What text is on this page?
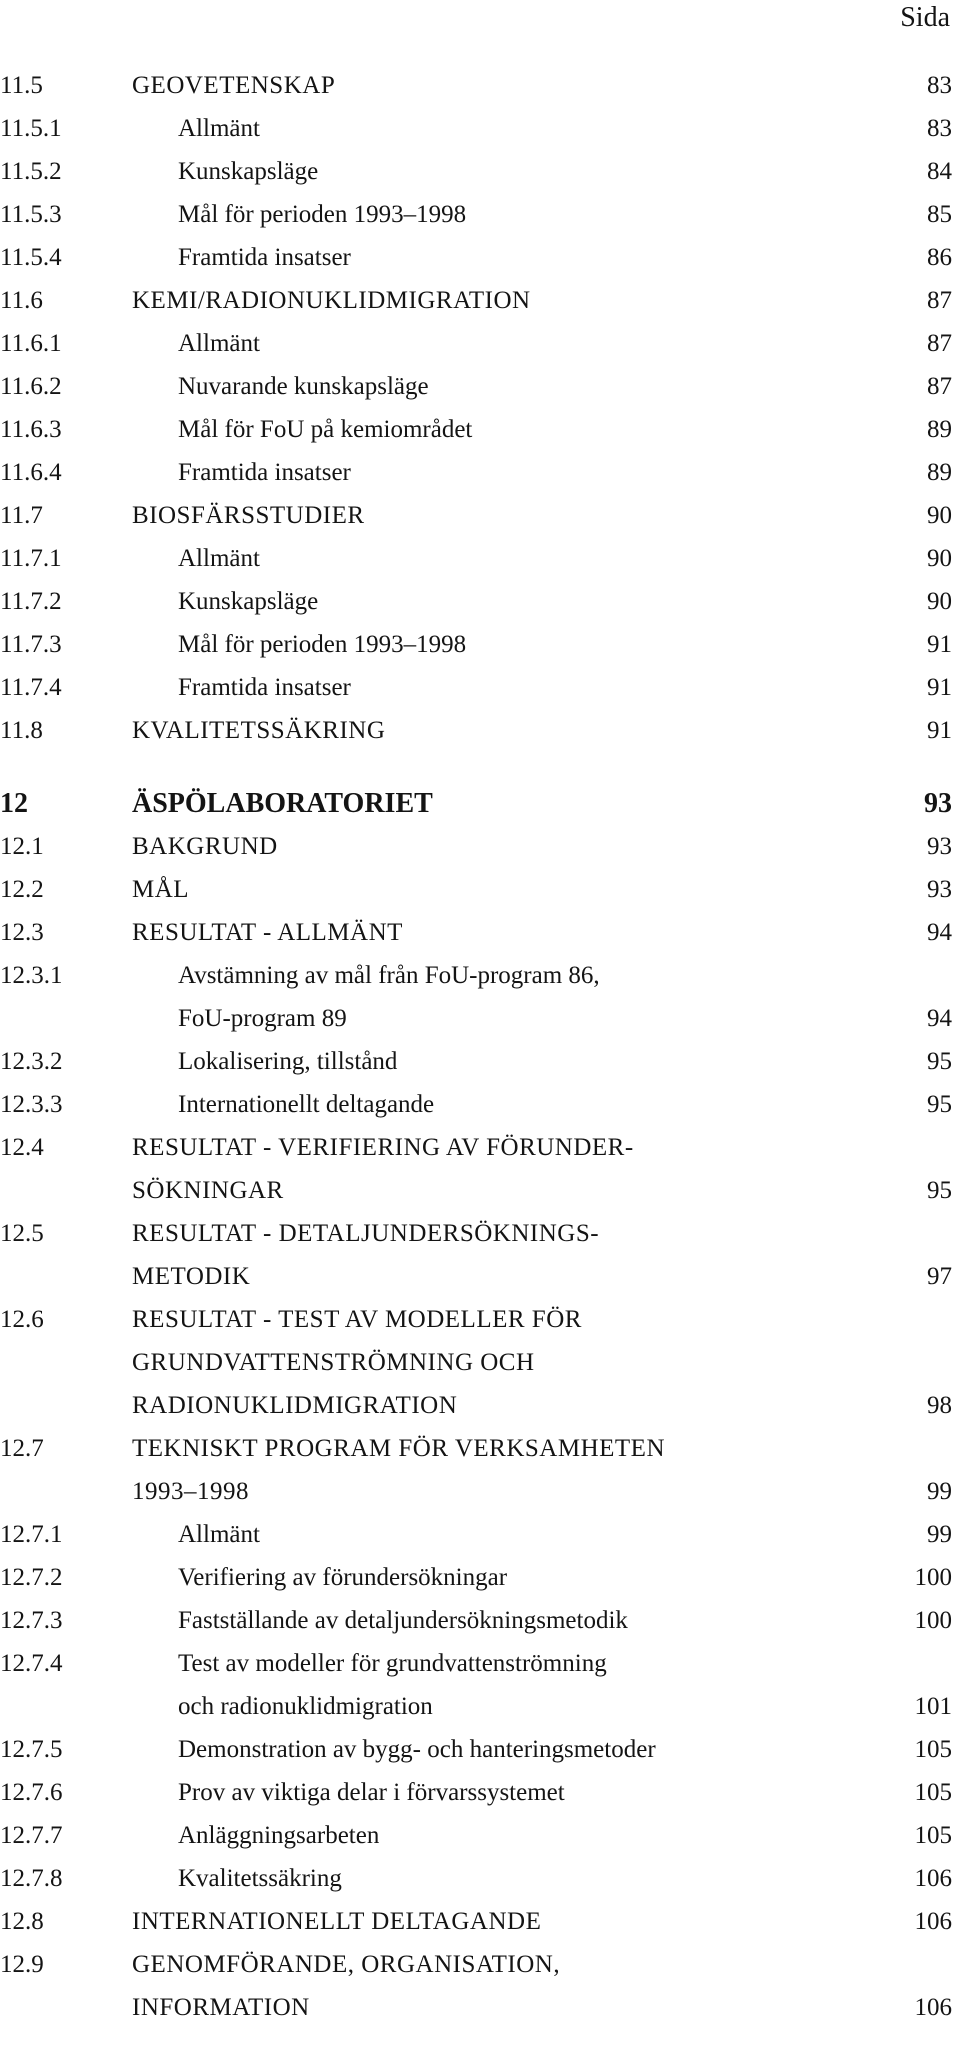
Sida
11.5	GEOVETENSKAP	83
11.5.1	Allmänt	83
11.5.2	Kunskapsläge	84
11.5.3	Mål för perioden 1993–1998	85
11.5.4	Framtida insatser	86
11.6	KEMI/RADIONUKLIDMIGRATION	87
11.6.1	Allmänt	87
11.6.2	Nuvarande kunskapsläge	87
11.6.3	Mål för FoU på kemiområdet	89
11.6.4	Framtida insatser	89
11.7	BIOSFÄRSSTUDIER	90
11.7.1	Allmänt	90
11.7.2	Kunskapsläge	90
11.7.3	Mål för perioden 1993–1998	91
11.7.4	Framtida insatser	91
11.8	KVALITETSSÄKRING	91
12	ÄSPÖLABORATORIET	93
12.1	BAKGRUND	93
12.2	MÅL	93
12.3	RESULTAT - ALLMÄNT	94
12.3.1	Avstämning av mål från FoU-program 86,
FoU-program 89	94
12.3.2	Lokalisering, tillstånd	95
12.3.3	Internationellt deltagande	95
12.4	RESULTAT - VERIFIERING AV FÖRUNDER-
SÖKNINGAR	95
12.5	RESULTAT - DETALJUNDERSÖKNINGS-
METODIK	97
12.6	RESULTAT - TEST AV MODELLER FÖR
GRUNDVATTENSTRÖMNING OCH
RADIONUKLIDMIGRATION	98
12.7	TEKNISKT PROGRAM FÖR VERKSAMHETEN
1993–1998	99
12.7.1	Allmänt	99
12.7.2	Verifiering av förundersökningar	100
12.7.3	Fastställande av detaljundersökningsmetodik	100
12.7.4	Test av modeller för grundvattenströmning
och radionuklidmigration	101
12.7.5	Demonstration av bygg- och hanteringsmetoder	105
12.7.6	Prov av viktiga delar i förvarssystemet	105
12.7.7	Anläggningsarbeten	105
12.7.8	Kvalitetssäkring	106
12.8	INTERNATIONELLT DELTAGANDE	106
12.9	GENOMFÖRANDE, ORGANISATION,
INFORMATION	106
